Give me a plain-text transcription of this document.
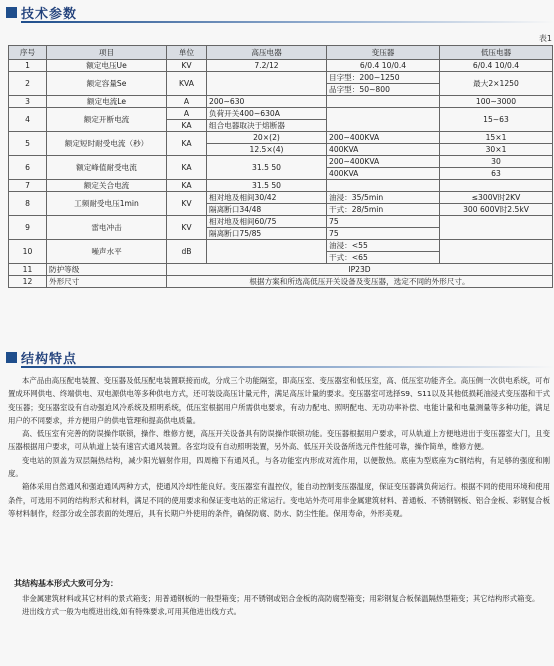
技术参数
表1
序号	项目	单位	高压电器	变压器	低压电器
1	额定电压Ue	KV	7.2/12	6/0.4 10/0.4	6/0.4 10/0.4
2	额定容量Se	KVA		目字型：200~1250	最大2×1250
				品字型：50~800	
3	额定电流Le	A	200~630		100~3000
4	额定开断电流	A	负荷开关400~630A		15~63
		KA	组合电器取决于熔断器		
5	额定短时耐受电流（秒）	KA	20×(2)	200~400KVA	15×1
			12.5×(4)	400KVA	30×1
6	额定峰值耐受电流	KA	31.5 50	200~400KVA	30
				400KVA	63
7	额定关合电流	KA	31.5 50		
8	工频耐受电压1min	KV	相对地及相间30/42	油浸：35/5min	≤300V时2KV
			隔离断口34/48	干式：28/5min	300 600V时2.5kV
9	雷电冲击	KV	相对地及相间60/75	75	
			隔离断口75/85	75	
10	噪声水平	dB		油浸：<55	
				干式：<65	
11	防护等级	IP23D			
12	外形尺寸	根据方案和所选高低压开关设备及变压器，选定不同的外形尺寸。			
结构特点

本产品由高压配电装置、变压器及低压配电装置联接而成，分成三个功能隔室，即高压室、变压器室和低压室，高、低压室功能齐全。高压侧一次供电系统，可布置成环网供电、终端供电、双电源供电等多种供电方式，还可装设高压计量元件，满足高压计量的要求。变压器室可选择S9、S11以及其他低损耗油浸式变压器和干式变压器；变压器室设有自动强迫风冷系统及照明系统，低压室根据用户所需供电要求，有动力配电、照明配电、无功功率补偿、电能计量和电量测量等多种功能，满足用户的不同要求，并方便用户的供电管理和提高供电质量。

高、低压室有完善的防误操作联锁，操作、维修方便，高压开关设备具有防误操作联锁功能。变压器根据用户要求，可从轨道上方便地进出于变压器室大门，且变压器根据用户要求，可从轨道上装有速宫式通风装置。各室均设有自动照明装置，另外高、低压开关设备所选元件性能可靠，操作简单，维修方便。

变电站的顶盖为双层隔热结构，减少阳光辐射作用，四周檐下有通风孔，与各功能室内形成对流作用，以便散热。底座为型底座为C钢结构，有足够的强度和刚度。

箱体采用自然通风和强迫通风两种方式，使通风冷却性能良好。变压器室有温控仪，能自动控制变压器温度，保证变压器满负荷运行。根据不同的使用环境和使用条件，可选用不同的结构形式和材料，满足不同的使用要求和保证变电站的正常运行。变电站外壳可用非金属建筑材料、普通板、不锈钢钢板、铝合金板、彩钢复合板等材料制作，经部分或全部表面的处理后，具有长期户外使用的条件，确保防腐、防水、防尘性能。保用寿命，外形美观。

其结构基本形式大致可分为：

非金属建筑材料或其它材料的景式箱变；用普通钢板的一般型箱变；用不锈钢或铝合金板的高防腐型箱变；用彩钢复合板保温隔热型箱变；其它结构形式箱变。

进出线方式一般为电缆进出线,如有特殊要求,可用其他进出线方式。
